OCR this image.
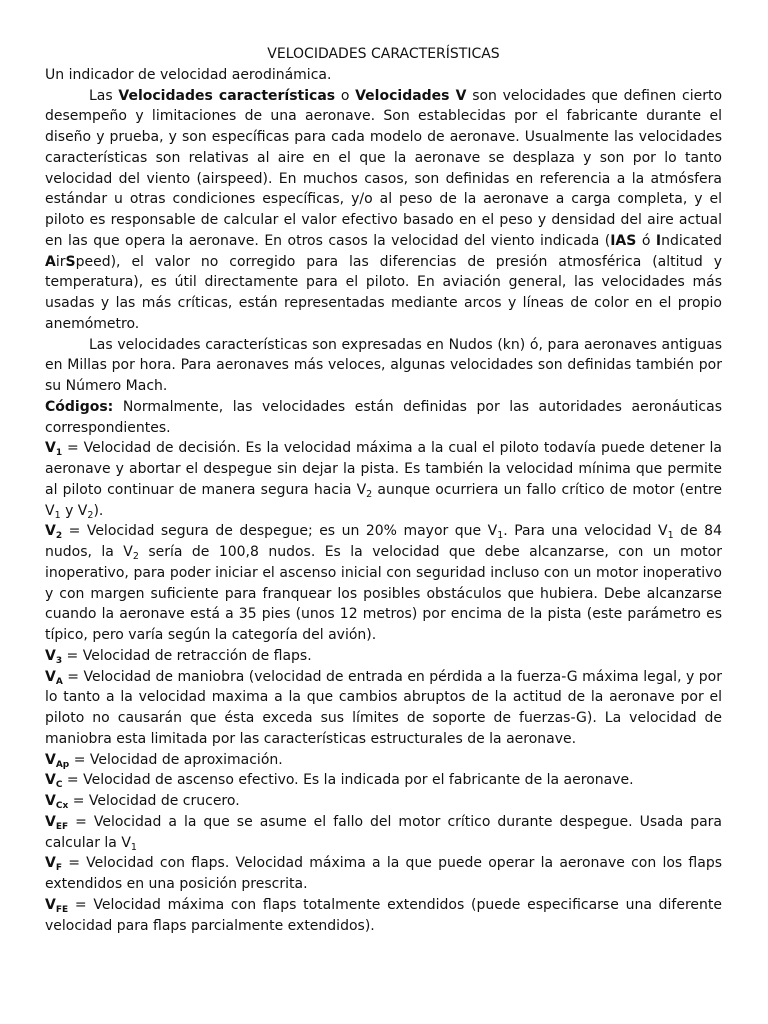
VELOCIDADES CARACTERÍSTICAS

Un indicador de velocidad aerodinámica.

Las Velocidades características o Velocidades V son velocidades que definen cierto desempeño y limitaciones de una aeronave. Son establecidas por el fabricante durante el diseño y prueba, y son específicas para cada modelo de aeronave. Usualmente las velocidades características son relativas al aire en el que la aeronave se desplaza y son por lo tanto velocidad del viento (airspeed). En muchos casos, son definidas en referencia a la atmósfera estándar u otras condiciones específicas, y/o al peso de la aeronave a carga completa, y el piloto es responsable de calcular el valor efectivo basado en el peso y densidad del aire actual en las que opera la aeronave. En otros casos la velocidad del viento indicada (IAS ó Indicated AirSpeed), el valor no corregido para las diferencias de presión atmosférica (altitud y temperatura), es útil directamente para el piloto. En aviación general, las velocidades más usadas y las más críticas, están representadas mediante arcos y líneas de color en el propio anemómetro.

Las velocidades características son expresadas en Nudos (kn) ó, para aeronaves antiguas en Millas por hora. Para aeronaves más veloces, algunas velocidades son definidas también por su Número Mach.

Códigos: Normalmente, las velocidades están definidas por las autoridades aeronáuticas correspondientes.

$V_1$ = Velocidad de decisión. Es la velocidad máxima a la cual el piloto todavía puede detener la aeronave y abortar el despegue sin dejar la pista. Es también la velocidad mínima que permite al piloto continuar de manera segura hacia $V_2$ aunque ocurriera un fallo crítico de motor (entre $V_1$ y $V_2$).

$V_2$ = Velocidad segura de despegue; es un 20% mayor que $V_1$. Para una velocidad $V_1$ de 84 nudos, la $V_2$ sería de 100,8 nudos. Es la velocidad que debe alcanzarse, con un motor inoperativo, para poder iniciar el ascenso inicial con seguridad incluso con un motor inoperativo y con margen suficiente para franquear los posibles obstáculos que hubiera. Debe alcanzarse cuando la aeronave está a 35 pies (unos 12 metros) por encima de la pista (este parámetro es típico, pero varía según la categoría del avión).

$V_3$ = Velocidad de retracción de flaps.

$V_A$ = Velocidad de maniobra (velocidad de entrada en pérdida a la fuerza-G máxima legal, y por lo tanto a la velocidad maxima a la que cambios abruptos de la actitud de la aeronave por el piloto no causarán que ésta exceda sus límites de soporte de fuerzas-G). La velocidad de maniobra esta limitada por las características estructurales de la aeronave.

$V_{Ap}$ = Velocidad de aproximación.

$V_C$ = Velocidad de ascenso efectivo. Es la indicada por el fabricante de la aeronave.

$V_{Cx}$ = Velocidad de crucero.

$V_{EF}$ = Velocidad a la que se asume el fallo del motor crítico durante despegue. Usada para calcular la $V_1$

$V_F$ = Velocidad con flaps. Velocidad máxima a la que puede operar la aeronave con los flaps extendidos en una posición prescrita.

$V_{FE}$ = Velocidad máxima con flaps totalmente extendidos (puede especificarse una diferente velocidad para flaps parcialmente extendidos).
